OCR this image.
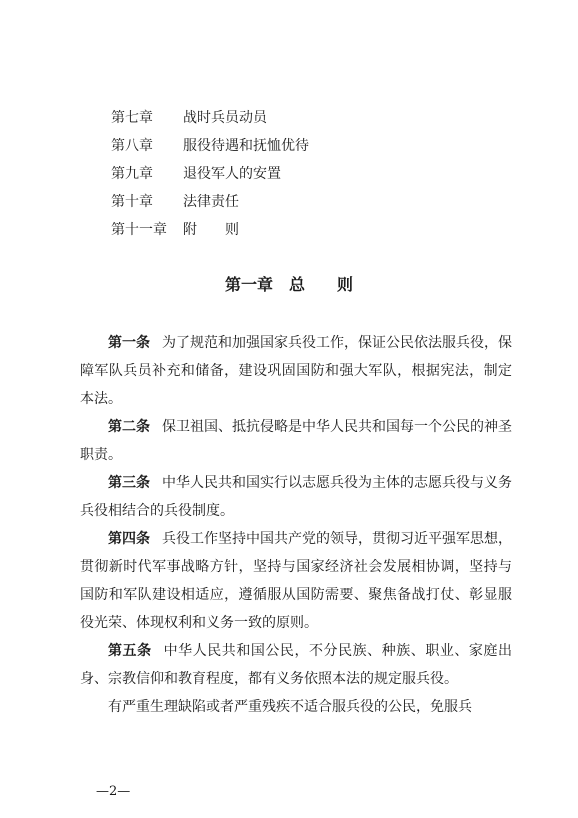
第七章 战时兵员动员
第八章 服役待遇和抚恤优待
第九章 退役军人的安置
第十章 法律责任
第十一章 附　　则
第一章　总　　则

第一条 为了规范和加强国家兵役工作，保证公民依法服兵役，保障军队兵员补充和储备，建设巩固国防和强大军队，根据宪法，制定本法。

第二条 保卫祖国、抵抗侵略是中华人民共和国每一个公民的神圣职责。

第三条 中华人民共和国实行以志愿兵役为主体的志愿兵役与义务兵役相结合的兵役制度。

第四条 兵役工作坚持中国共产党的领导，贯彻习近平强军思想，贯彻新时代军事战略方针，坚持与国家经济社会发展相协调，坚持与国防和军队建设相适应，遵循服从国防需要、聚焦备战打仗、彰显服役光荣、体现权利和义务一致的原则。

第五条 中华人民共和国公民，不分民族、种族、职业、家庭出身、宗教信仰和教育程度，都有义务依照本法的规定服兵役。

有严重生理缺陷或者严重残疾不适合服兵役的公民，免服兵

—2—
